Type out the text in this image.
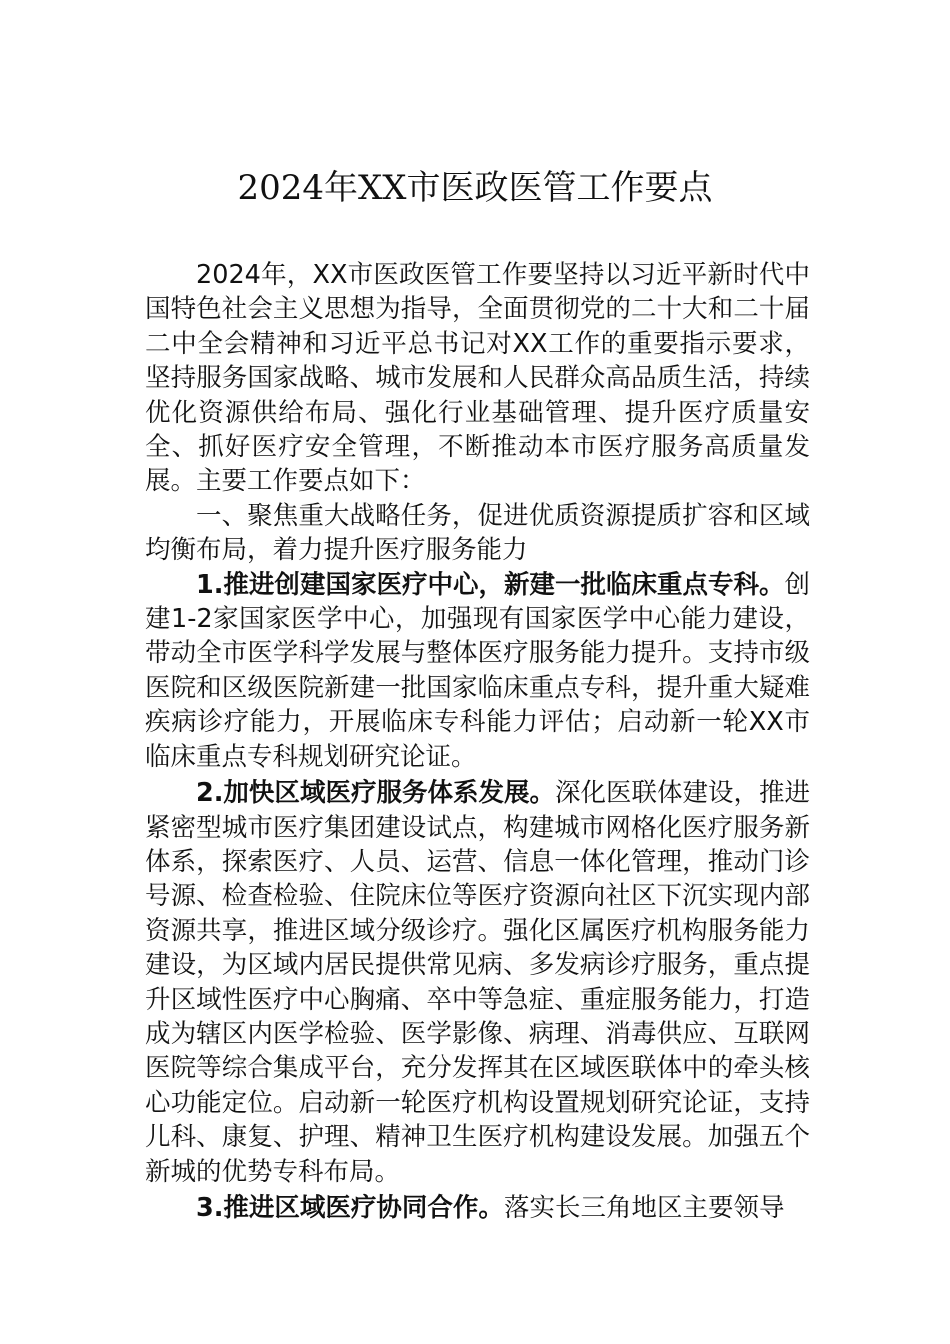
2024年XX市医政医管工作要点

2024年，XX市医政医管工作要坚持以习近平新时代中国特色社会主义思想为指导，全面贯彻党的二十大和二十届二中全会精神和习近平总书记对XX工作的重要指示要求，坚持服务国家战略、城市发展和人民群众高品质生活，持续优化资源供给布局、强化行业基础管理、提升医疗质量安全、抓好医疗安全管理，不断推动本市医疗服务高质量发展。主要工作要点如下：

一、聚焦重大战略任务，促进优质资源提质扩容和区域均衡布局，着力提升医疗服务能力

1.推进创建国家医疗中心，新建一批临床重点专科。创建1-2家国家医学中心，加强现有国家医学中心能力建设，带动全市医学科学发展与整体医疗服务能力提升。支持市级医院和区级医院新建一批国家临床重点专科，提升重大疑难疾病诊疗能力，开展临床专科能力评估；启动新一轮XX市临床重点专科规划研究论证。

2.加快区域医疗服务体系发展。深化医联体建设，推进紧密型城市医疗集团建设试点，构建城市网格化医疗服务新体系，探索医疗、人员、运营、信息一体化管理，推动门诊号源、检查检验、住院床位等医疗资源向社区下沉实现内部资源共享，推进区域分级诊疗。强化区属医疗机构服务能力建设，为区域内居民提供常见病、多发病诊疗服务，重点提升区域性医疗中心胸痛、卒中等急症、重症服务能力，打造成为辖区内医学检验、医学影像、病理、消毒供应、互联网医院等综合集成平台，充分发挥其在区域医联体中的牵头核心功能定位。启动新一轮医疗机构设置规划研究论证，支持儿科、康复、护理、精神卫生医疗机构建设发展。加强五个新城的优势专科布局。

3.推进区域医疗协同合作。落实长三角地区主要领导
